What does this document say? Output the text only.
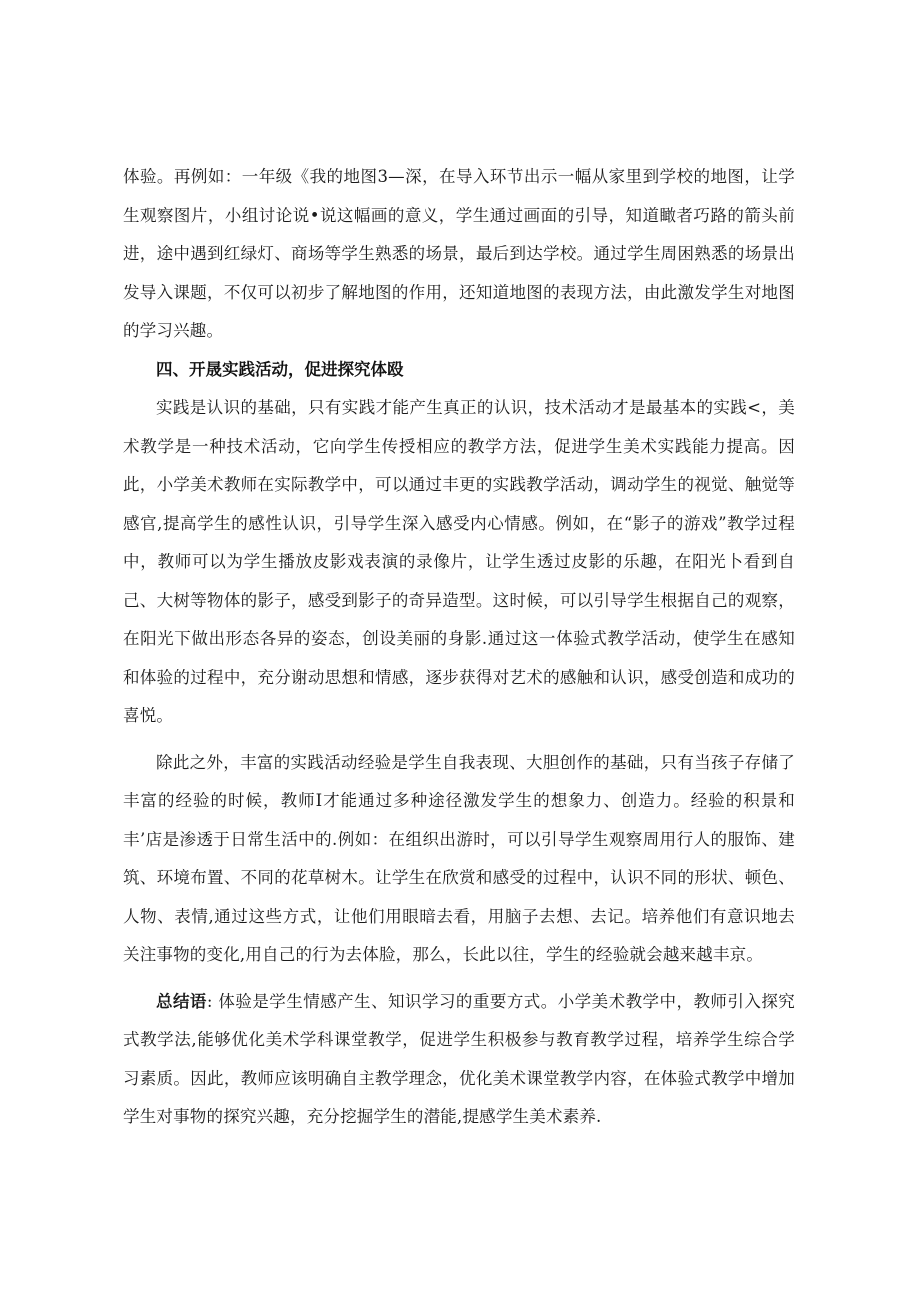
体验。再例如：一年级《我的地图3—深，在导入环节出示一幅从家里到学校的地图，让学生观察图片，小组讨论说•说这幅画的意义，学生通过画面的引导，知道瞰者巧路的箭头前进，途中遇到红绿灯、商场等学生熟悉的场景，最后到达学校。通过学生周困熟悉的场景出发导入课题，不仅可以初步了解地图的作用，还知道地图的表现方法，由此激发学生对地图的学习兴趣。

四、开晟实践活动，促进探究体殴

实践是认识的基础，只有实践才能产生真正的认识，技术活动才是最基本的实践<，美术教学是一种技术活动，它向学生传授相应的教学方法，促进学生美术实践能力提高。因此，小学美术教师在实际教学中，可以通过丰更的实践教学活动，调动学生的视觉、触觉等感官,提高学生的感性认识，引导学生深入感受内心情感。例如，在“影子的游戏”教学过程中，教师可以为学生播放皮影戏表演的录像片，让学生透过皮影的乐趣，在阳光卜看到自己、大树等物体的影子，感受到影子的奇异造型。这时候，可以引导学生根据自己的观察，在阳光下做出形态各异的姿态，创设美丽的身影.通过这一体验式教学活动，使学生在感知和体验的过程中，充分谢动思想和情感，逐步获得对艺术的感触和认识，感受创造和成功的喜悦。

除此之外，丰富的实践活动经验是学生自我表现、大胆创作的基础，只有当孩子存储了丰富的经验的时候，教师I才能通过多种途径激发学生的想象力、创造力。经验的积景和丰’店是渗透于日常生活中的.例如：在组织出游时，可以引导学生观察周用行人的服饰、建筑、环境布置、不同的花草树木。让学生在欣赏和感受的过程中，认识不同的形状、顿色、人物、表情,通过这些方式，让他们用眼暗去看，用脑子去想、去记。培养他们有意识地去关注事物的变化,用自己的行为去体脸，那么，长此以往，学生的经验就会越来越丰京。

总结语: 体验是学生情感产生、知识学习的重要方式。小学美术教学中，教师引入探究式教学法,能够优化美术学科课堂教学，促进学生积极参与教育教学过程，培养学生综合学习素质。因此，教师应该明确自主教学理念，优化美术课堂教学内容，在体验式教学中增加学生对事物的探究兴趣，充分挖掘学生的潜能,提感学生美术素养.
